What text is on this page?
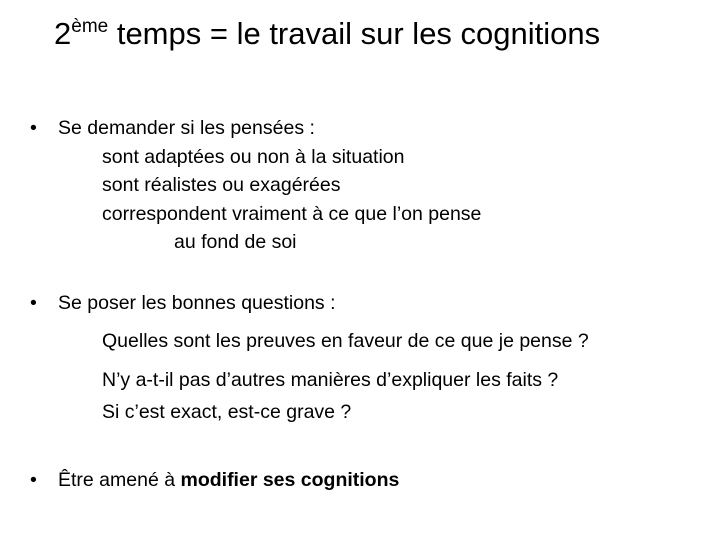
2ème temps = le travail sur les cognitions
• Se demander si les pensées :
sont adaptées ou non à la situation
sont réalistes ou exagérées
correspondent vraiment à ce que l’on pense
au fond de soi
• Se poser les bonnes questions :
Quelles sont les preuves en faveur de ce que je pense ?
N’y a-t-il pas d’autres manières d’expliquer les faits ?
Si c’est exact, est-ce grave ?
• Être amené à modifier ses cognitions
